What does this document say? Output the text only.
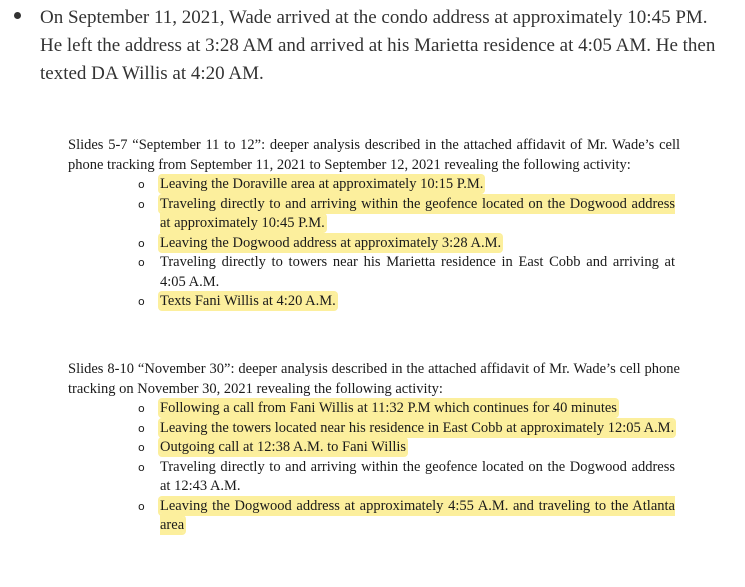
On September 11, 2021, Wade arrived at the condo address at approximately 10:45 PM. He left the address at 3:28 AM and arrived at his Marietta residence at 4:05 AM. He then texted DA Willis at 4:20 AM.
Slides 5-7 “September 11 to 12”: deeper analysis described in the attached affidavit of Mr. Wade’s cell phone tracking from September 11, 2021 to September 12, 2021 revealing the following activity:
o Leaving the Doraville area at approximately 10:15 P.M.
o Traveling directly to and arriving within the geofence located on the Dogwood address at approximately 10:45 P.M.
o Leaving the Dogwood address at approximately 3:28 A.M.
o Traveling directly to towers near his Marietta residence in East Cobb and arriving at 4:05 A.M.
o Texts Fani Willis at 4:20 A.M.
Slides 8-10 “November 30”: deeper analysis described in the attached affidavit of Mr. Wade’s cell phone tracking on November 30, 2021 revealing the following activity:
o Following a call from Fani Willis at 11:32 P.M which continues for 40 minutes
o Leaving the towers located near his residence in East Cobb at approximately 12:05 A.M.
o Outgoing call at 12:38 A.M. to Fani Willis
o Traveling directly to and arriving within the geofence located on the Dogwood address at 12:43 A.M.
o Leaving the Dogwood address at approximately 4:55 A.M. and traveling to the Atlanta area
